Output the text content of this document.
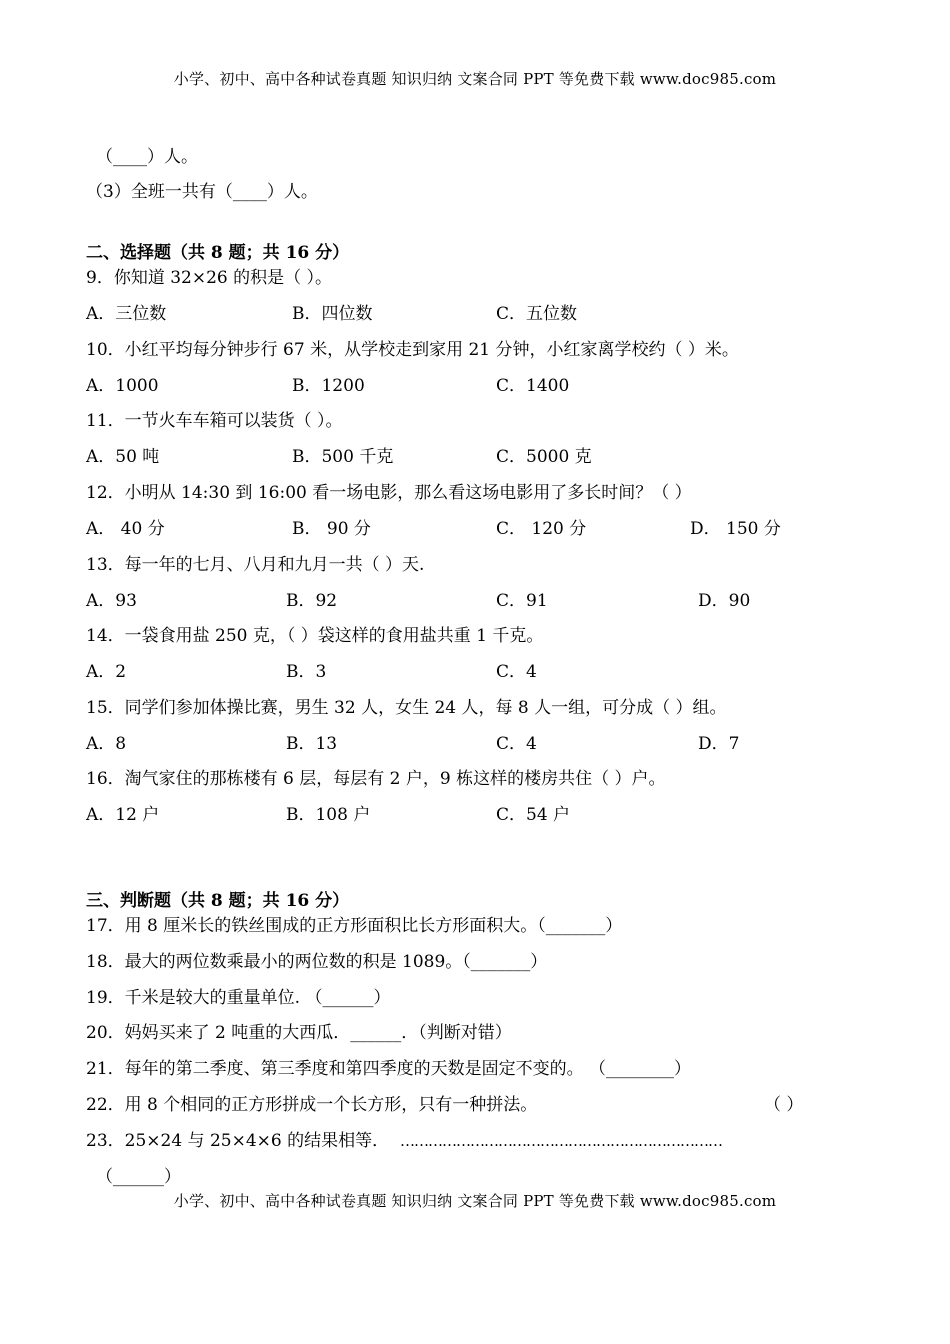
小学、初中、高中各种试卷真题 知识归纳 文案合同 PPT 等免费下载 www.doc985.com
（____）人。
（3）全班一共有（____）人。
二、选择题（共 8 题；共 16 分）
9．你知道 32×26 的积是（ ）。
A．三位数	B．四位数	C．五位数
10．小红平均每分钟步行 67 米，从学校走到家用 21 分钟，小红家离学校约（ ）米。
A．1000	B．1200	C．1400
11．一节火车车箱可以装货（ ）。
A．50 吨	B．500 千克	C．5000 克
12．小明从 14:30 到 16:00 看一场电影，那么看这场电影用了多长时间？（ ）
A． 40 分	B． 90 分	C． 120 分	D． 150 分
13．每一年的七月、八月和九月一共（ ）天.
A．93	B．92	C．91	D．90
14．一袋食用盐 250 克，（ ）袋这样的食用盐共重 1 千克。
A．2	B．3	C．4
15．同学们参加体操比赛，男生 32 人，女生 24 人，每 8 人一组，可分成（ ）组。
A．8	B．13	C．4	D．7
16．淘气家住的那栋楼有 6 层，每层有 2 户，9 栋这样的楼房共住（ ）户。
A．12 户	B．108 户	C．54 户
三、判断题（共 8 题；共 16 分）
17．用 8 厘米长的铁丝围成的正方形面积比长方形面积大。（_______）
18．最大的两位数乘最小的两位数的积是 1089。（_______）
19．千米是较大的重量单位. （______）
20．妈妈买来了 2 吨重的大西瓜．______．（判断对错）
21．每年的第二季度、第三季度和第四季度的天数是固定不变的。 （________）
22．用 8 个相同的正方形拼成一个长方形，只有一种拼法。	（ ）
23．25×24 与 25×4×6 的结果相等． ……………………………………………………………
（______）
小学、初中、高中各种试卷真题 知识归纳 文案合同 PPT 等免费下载 www.doc985.com
